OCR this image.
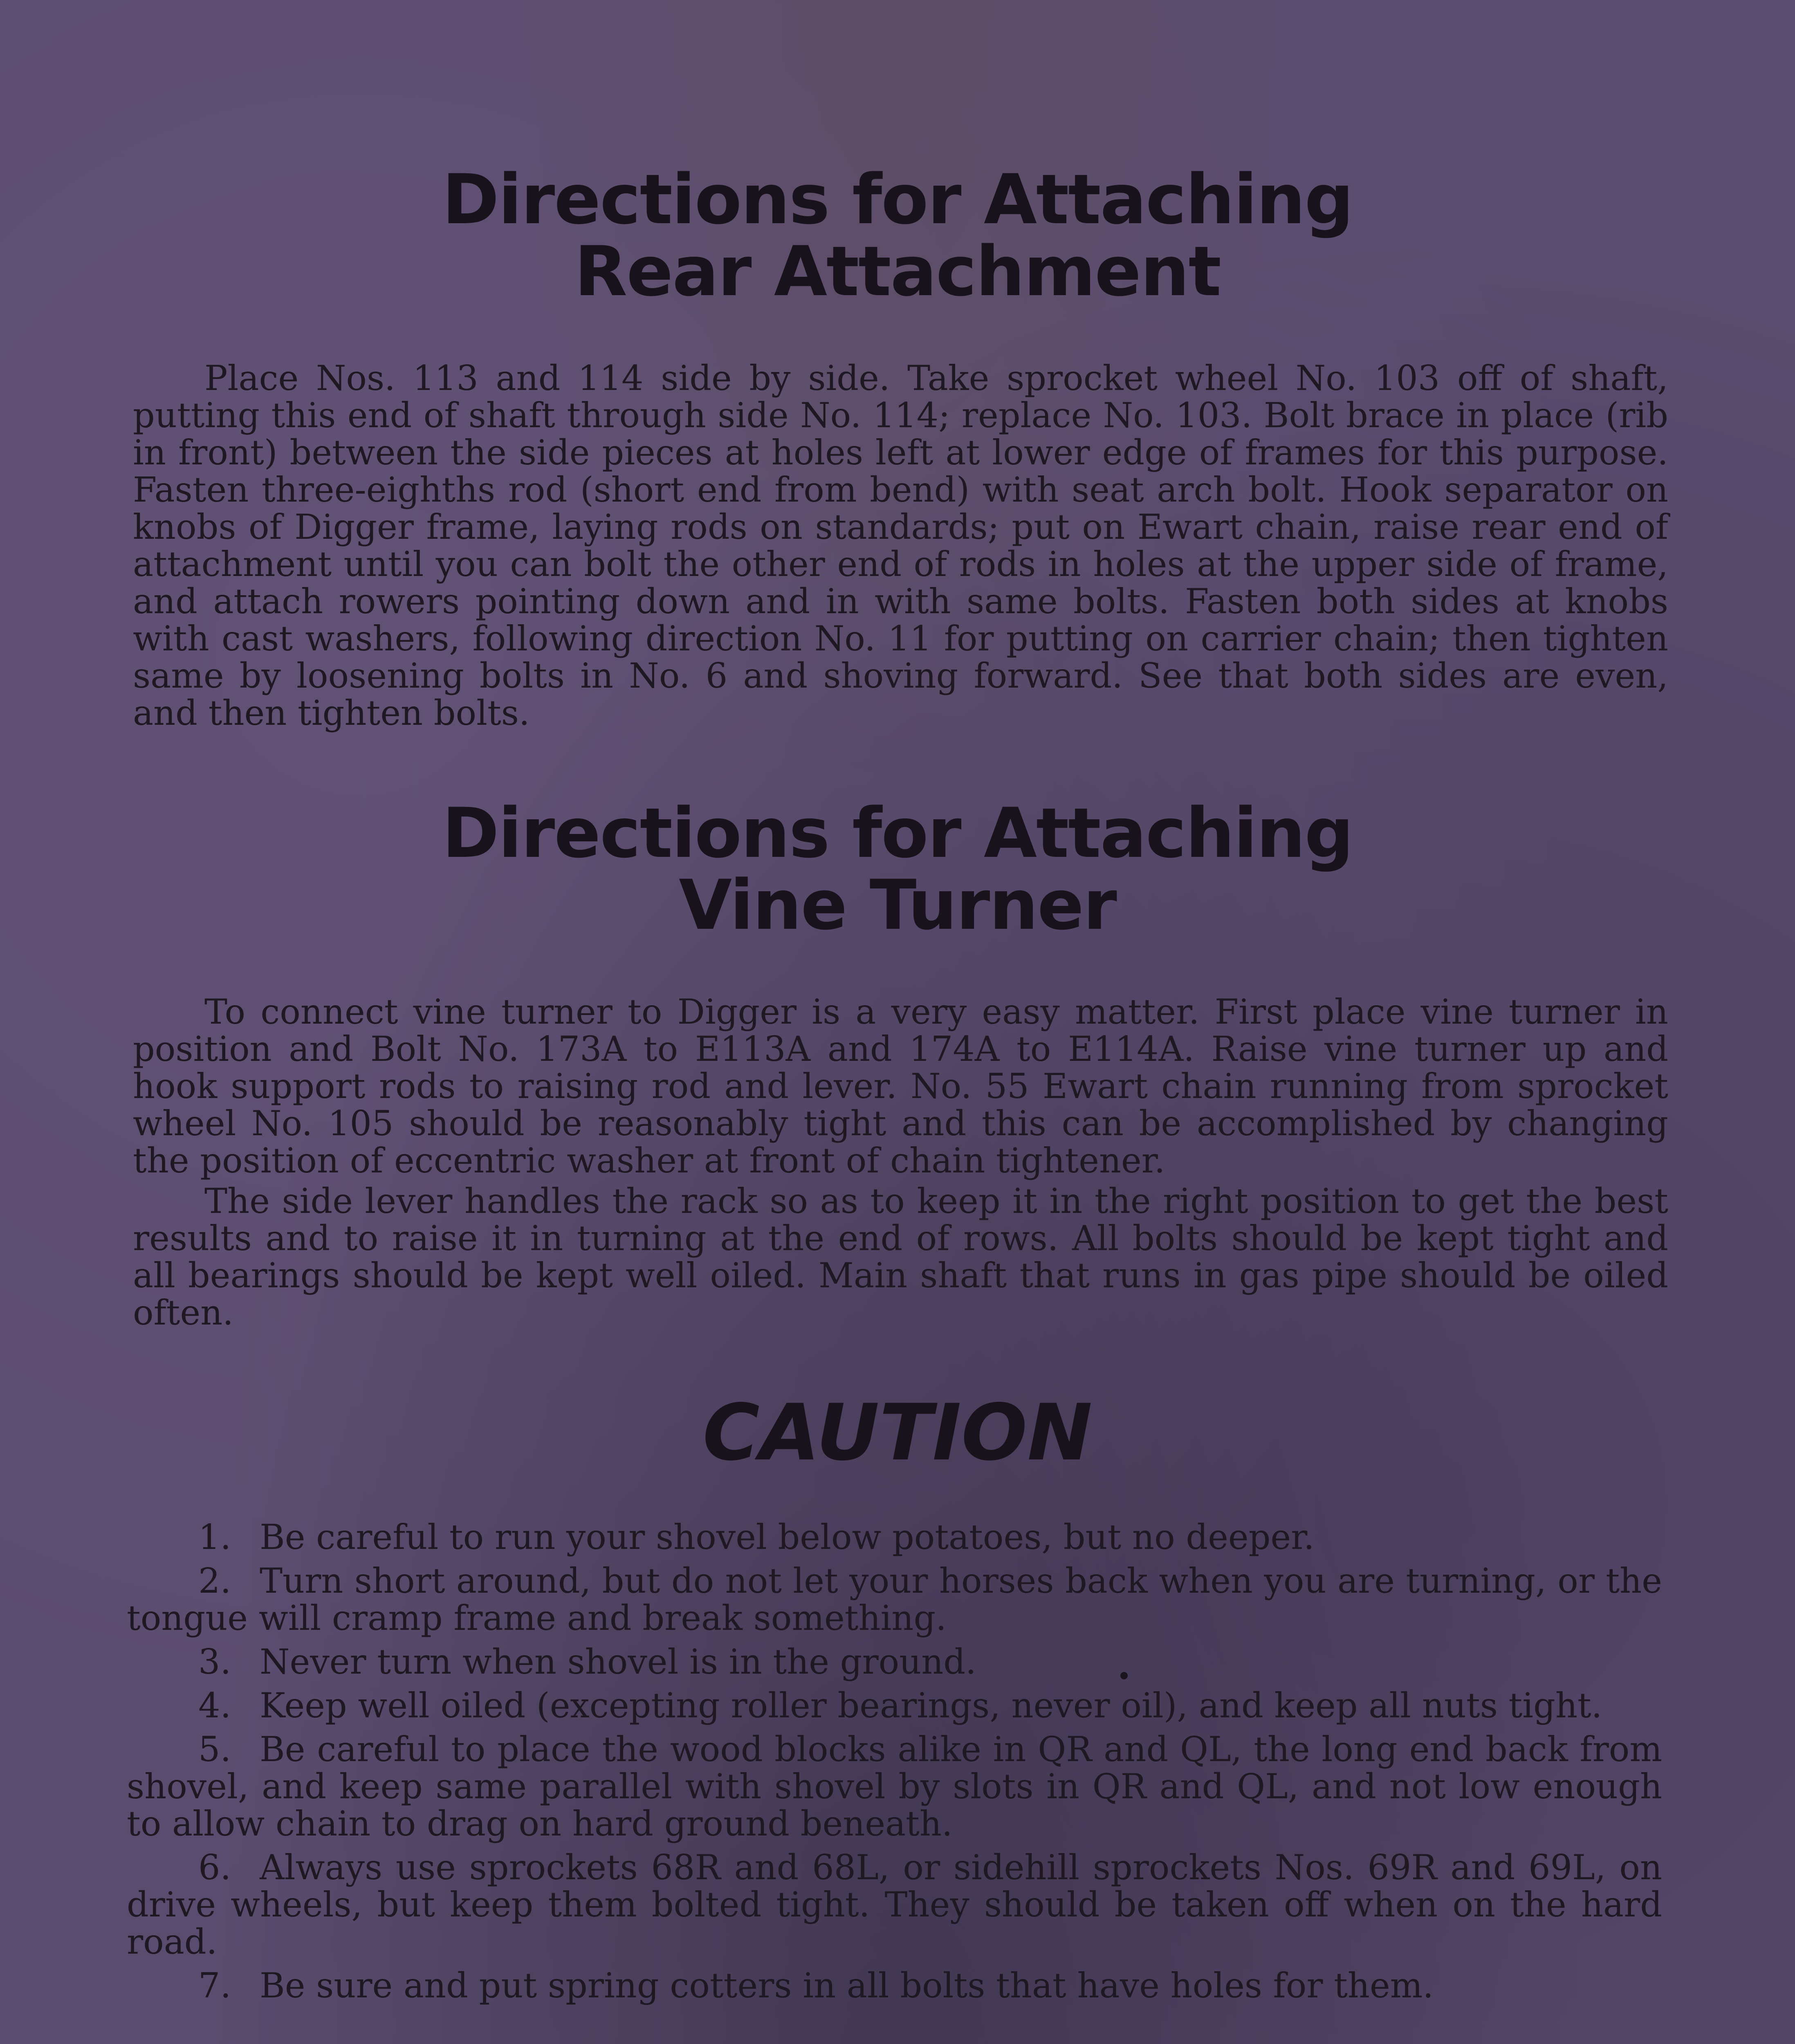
Directions for Attaching
Rear Attachment

Place Nos. 113 and 114 side by side. Take sprocket wheel No. 103 off of shaft, putting this end of shaft through side No. 114; replace No. 103. Bolt brace in place (rib in front) between the side pieces at holes left at lower edge of frames for this purpose. Fasten three-eighths rod (short end from bend) with seat arch bolt. Hook separator on knobs of Digger frame, laying rods on standards; put on Ewart chain, raise rear end of attachment until you can bolt the other end of rods in holes at the upper side of frame, and attach rowers pointing down and in with same bolts. Fasten both sides at knobs with cast washers, following direction No. 11 for putting on carrier chain; then tighten same by loosening bolts in No. 6 and shoving forward. See that both sides are even, and then tighten bolts.

Directions for Attaching
Vine Turner

To connect vine turner to Digger is a very easy matter. First place vine turner in position and Bolt No. 173A to E113A and 174A to E114A. Raise vine turner up and hook support rods to raising rod and lever. No. 55 Ewart chain running from sprocket wheel No. 105 should be reasonably tight and this can be accomplished by changing the position of eccentric washer at front of chain tightener.

The side lever handles the rack so as to keep it in the right position to get the best results and to raise it in turning at the end of rows. All bolts should be kept tight and all bearings should be kept well oiled. Main shaft that runs in gas pipe should be oiled often.

CAUTION
1. Be careful to run your shovel below potatoes, but no deeper.
2. Turn short around, but do not let your horses back when you are turning, or the tongue will cramp frame and break something.
3. Never turn when shovel is in the ground.
4. Keep well oiled (excepting roller bearings, never oil), and keep all nuts tight.
5. Be careful to place the wood blocks alike in QR and QL, the long end back from shovel, and keep same parallel with shovel by slots in QR and QL, and not low enough to allow chain to drag on hard ground beneath.
6. Always use sprockets 68R and 68L, or sidehill sprockets Nos. 69R and 69L, on drive wheels, but keep them bolted tight. They should be taken off when on the hard road.
7. Be sure and put spring cotters in all bolts that have holes for them.
